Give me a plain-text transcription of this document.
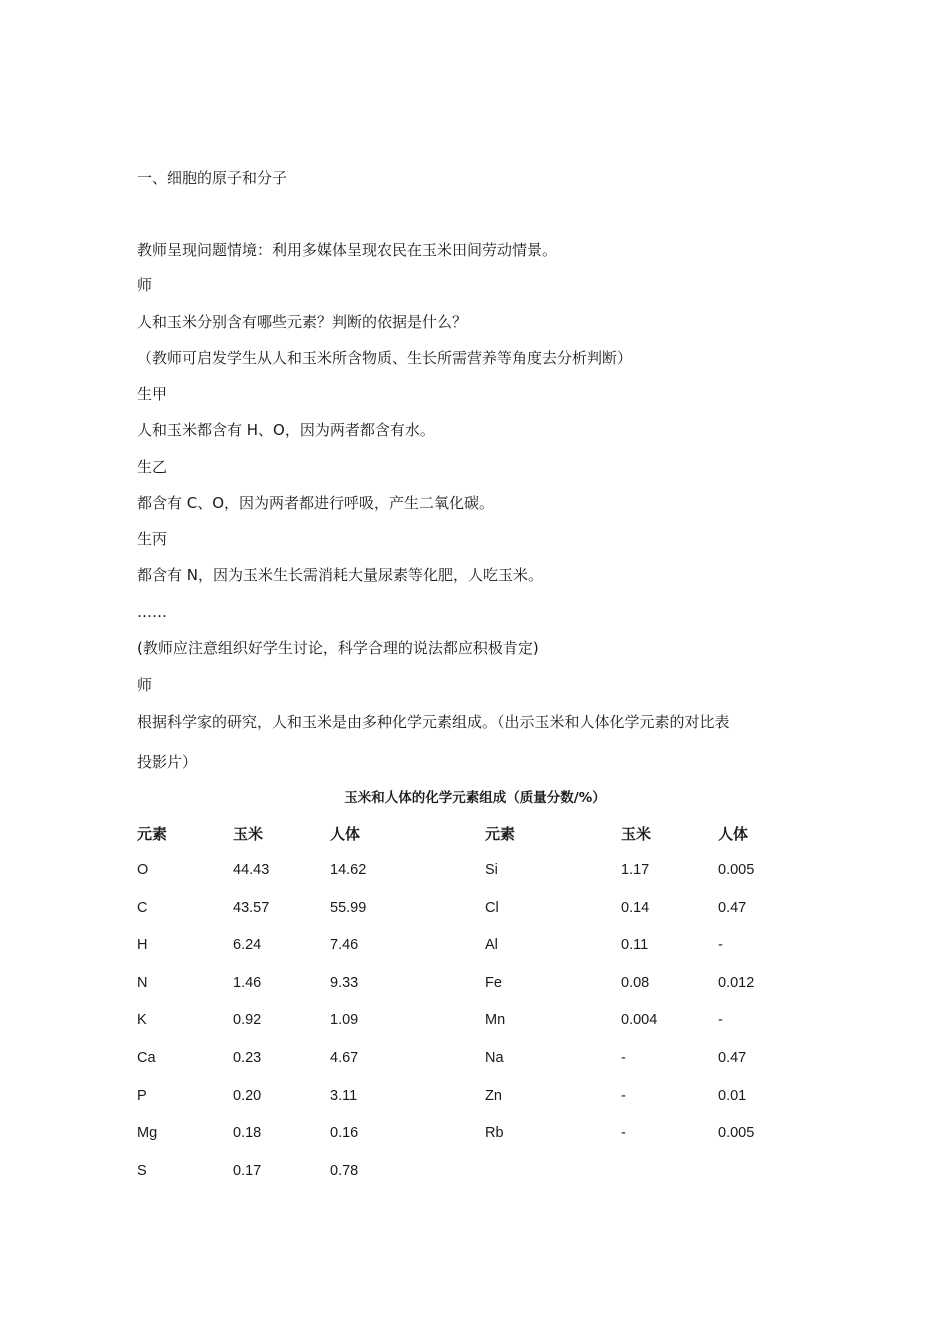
一、细胞的原子和分子
教师呈现问题情境：利用多媒体呈现农民在玉米田间劳动情景。
师
人和玉米分别含有哪些元素？判断的依据是什么？
（教师可启发学生从人和玉米所含物质、生长所需营养等角度去分析判断）
生甲
人和玉米都含有 H、O，因为两者都含有水。
生乙
都含有 C、O，因为两者都进行呼吸，产生二氧化碳。
生丙
都含有 N，因为玉米生长需消耗大量尿素等化肥，人吃玉米。
……
(教师应注意组织好学生讨论，科学合理的说法都应积极肯定)
师
根据科学家的研究，人和玉米是由多种化学元素组成。（出示玉米和人体化学元素的对比表
投影片）
玉米和人体的化学元素组成（质量分数/%）
元素	玉米	人体	元素	玉米	人体
O	44.43	14.62	Si	1.17	0.005
C	43.57	55.99	Cl	0.14	0.47
H	6.24	7.46	Al	0.11	-
N	1.46	9.33	Fe	0.08	0.012
K	0.92	1.09	Mn	0.004	-
Ca	0.23	4.67	Na	-	0.47
P	0.20	3.11	Zn	-	0.01
Mg	0.18	0.16	Rb	-	0.005
S	0.17	0.78
